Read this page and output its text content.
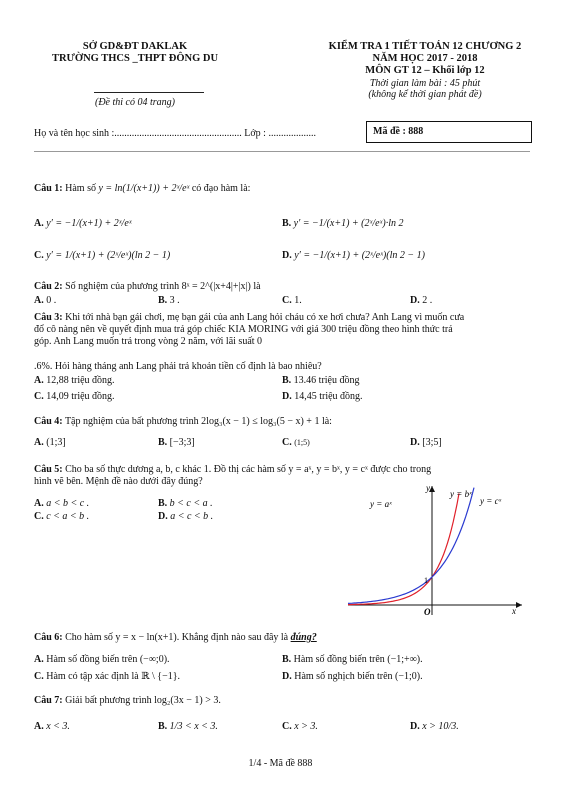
SỞ GD&ĐT DAKLAK
TRƯỜNG THCS _THPT ĐÔNG DU
(Đề thi có 04 trang)
KIỂM TRA 1 TIẾT TOÁN 12 CHƯƠNG 2
NĂM HỌC 2017 - 2018
MÔN GT 12 – Khối lớp 12
Thời gian làm bài : 45 phút
(không kể thời gian phát đề)
Họ và tên học sinh :................................................... Lớp : ...................	Mã đề : 888
Câu 1: Hàm số y = ln(1/(x+1)) + 2ˣ/eˣ có đạo hàm là:
A. y′ = −1/(x+1) + 2ˣ/eˣ	B. y′ = −1/(x+1) + (2ˣ/eˣ)·ln 2
C. y′ = 1/(x+1) + (2ˣ/eˣ)(ln 2 − 1)	D. y′ = −1/(x+1) + (2ˣ/eˣ)(ln 2 − 1)
Câu 2: Số nghiệm của phương trình 8ˣ = 2^(|x+4|+|x|) là
A. 0 .	B. 3 .	C. 1.	D. 2 .
Câu 3: Khi tới nhà bạn gái chơi, mẹ bạn gái của anh Lang hỏi cháu có xe hơi chưa? Anh Lang vì muốn cưa
đổ cô nàng nên về quyết định mua trả góp chiếc KIA MORING với giá 300 triệu đồng theo hình thức trả
góp. Anh Lang muốn trả trong vòng 2 năm, với lãi suất 0
.6%. Hỏi hàng tháng anh Lang phải trả khoản tiền cố định là bao nhiêu?
A. 12,88 triệu đồng.	B. 13.46 triệu đồng
C. 14,09 triệu đồng.	D. 14,45 triệu đồng.
Câu 4: Tập nghiệm của bất phương trình 2log₃(x − 1) ≤ log₃(5 − x) + 1 là:
A. (1;3]	B. [−3;3]	C. (1;5)	D. [3;5]
Câu 5: Cho ba số thực dương a, b, c khác 1. Đồ thị các hàm số y = aˣ, y = bˣ, y = cˣ được cho trong
hình vẽ bên. Mệnh đề nào dưới đây đúng?
A. a < b < c .	B. b < c < a .
C. c < a < b .	D. a < c < b .
y = aˣ
y = bˣ
y = cˣ
y
x
O
1
Câu 6: Cho hàm số y = x − ln(x+1). Khẳng định nào sau đây là đúng?
A. Hàm số đồng biến trên (−∞;0).	B. Hàm số đồng biến trên (−1;+∞).
C. Hàm có tập xác định là ℝ \ {−1}.	D. Hàm số nghịch biến trên (−1;0).
Câu 7: Giải bất phương trình log₂(3x − 1) > 3.
A. x < 3.	B. 1/3 < x < 3.	C. x > 3.	D. x > 10/3.
1/4 - Mã đề 888
